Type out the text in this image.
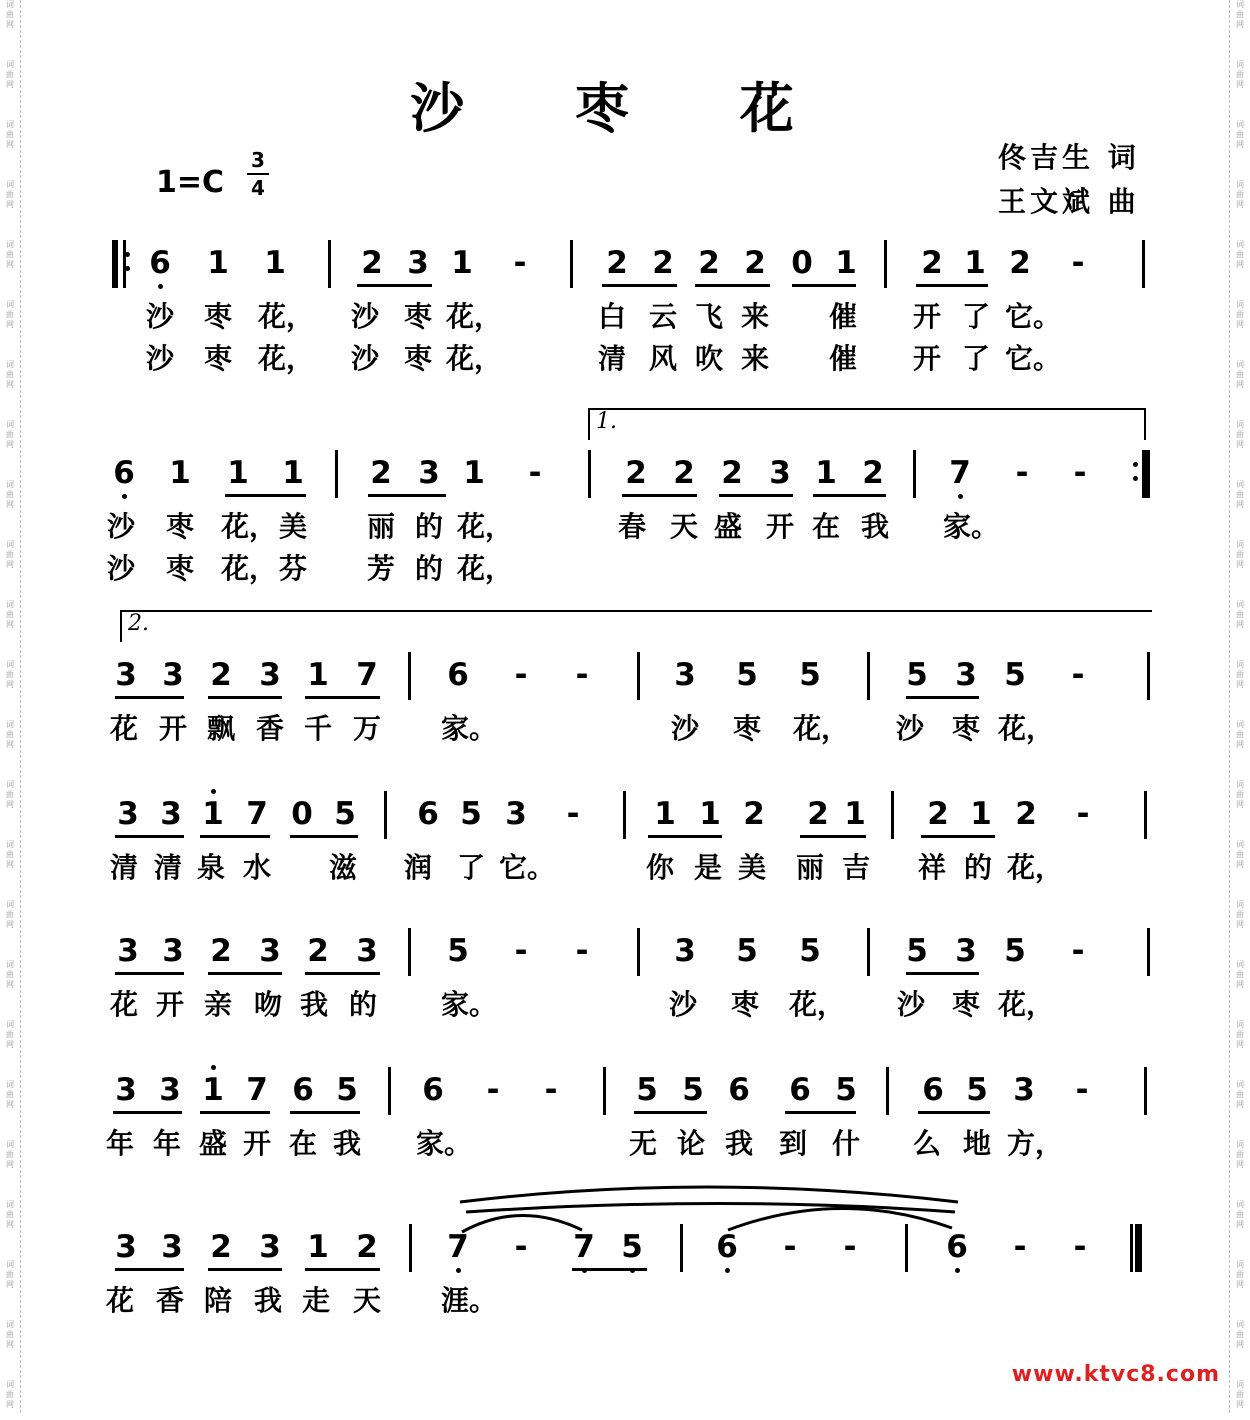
词
曲
网
词
曲
网
词
曲
网
词
曲
网
词
曲
网
词
曲
网
词
曲
网
词
曲
网
词
曲
网
词
曲
网
词
曲
网
词
曲
网
词
曲
网
词
曲
网
词
曲
网
词
曲
网
词
曲
网
词
曲
网
词
曲
网
词
曲
网
词
曲
网
词
曲
网
词
曲
网
词
曲
网
词
曲
网
词
曲
网
词
曲
网
词
曲
网
词
曲
网
词
曲
网
词
曲
网
词
曲
网
词
曲
网
词
曲
网
词
曲
网
词
曲
网
词
曲
网
词
曲
网
词
曲
网
词
曲
网
词
曲
网
词
曲
网
词
曲
网
词
曲
网
词
曲
网
词
曲
网
词
曲
网
词
曲
网
沙 枣 花
1=C
3
4
佟吉生 词
王文斌 曲
6 1 1 2 3 1 -	2 2 2 2 0 1 2 1 2 -
沙 枣 花， 沙 枣 花，	白 云 飞 来 催 开 了 它。
沙 枣 花， 沙 枣 花，	清 风 吹 来 催 开 了 它。
6 1 1 1 2 3 1 -	2 2 2 3 1 2 7 - -
沙 枣 花， 美 丽 的 花，	春 天 盛 开 在 我 家。
沙 枣 花， 芬 芳 的 花，
1.
3 3 2 3 1 7 6 - -	3 5 5	5 3 5 -
花 开 飘 香 千 万 家。	沙 枣 花， 沙 枣 花，
2.
3 3 1 7 0 5 6 5 3 - 1 1 2 2 1 2 1 2 -
清 清 泉 水 滋 润 了 它。	你 是 美 丽 吉 祥 的 花，
3 3 2 3 2 3 5 - -	3 5 5	5 3 5 -
花 开 亲 吻 我 的 家。	沙 枣 花， 沙 枣 花，
3 3 1 7 6 5 6 - -	5 5 6 6 5 6 5 3 -
年 年 盛 开 在 我 家。	无 论 我 到 什 么 地 方，
3 3 2 3 1 2 7 - 7 5 6 - -	6 - -
花 香 陪 我 走 天 涯。
www.ktvc8.com
